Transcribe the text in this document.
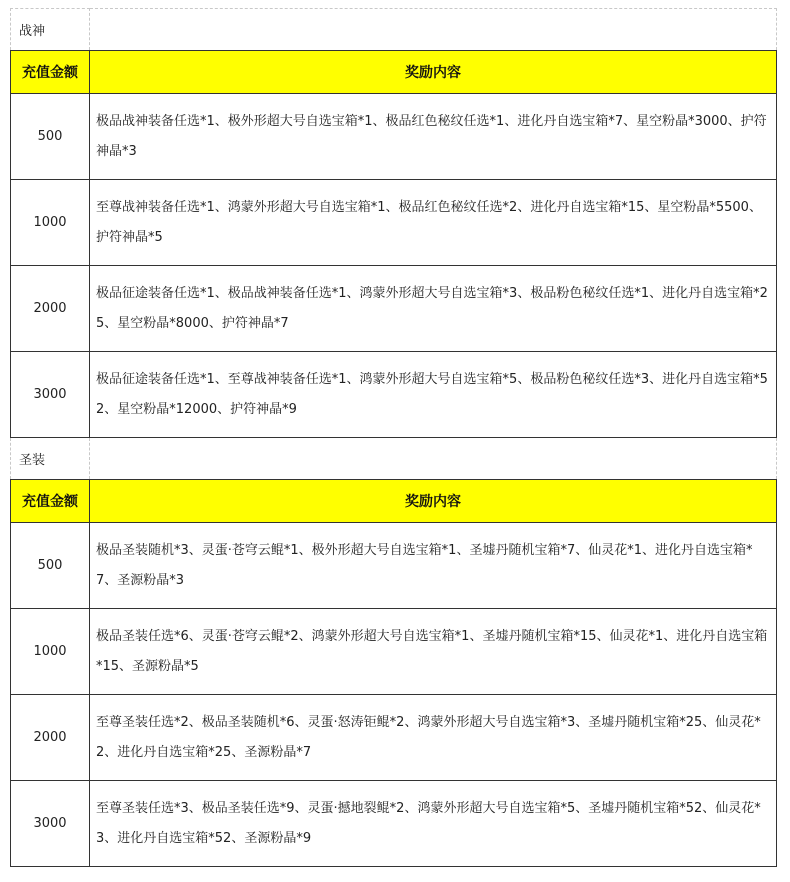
战神	
充值金额	奖励内容
500	极品战神装备任选*1、极外形超大号自选宝箱*1、极品红色秘纹任选*1、进化丹自选宝箱*7、星空粉晶*3000、护符神晶*3
1000	至尊战神装备任选*1、鸿蒙外形超大号自选宝箱*1、极品红色秘纹任选*2、进化丹自选宝箱*15、星空粉晶*5500、护符神晶*5
2000	极品征途装备任选*1、极品战神装备任选*1、鸿蒙外形超大号自选宝箱*3、极品粉色秘纹任选*1、进化丹自选宝箱*25、星空粉晶*8000、护符神晶*7
3000	极品征途装备任选*1、至尊战神装备任选*1、鸿蒙外形超大号自选宝箱*5、极品粉色秘纹任选*3、进化丹自选宝箱*52、星空粉晶*12000、护符神晶*9
圣装	
充值金额	奖励内容
500	极品圣装随机*3、灵蛋·苍穹云鲲*1、极外形超大号自选宝箱*1、圣墟丹随机宝箱*7、仙灵花*1、进化丹自选宝箱*7、圣源粉晶*3
1000	极品圣装任选*6、灵蛋·苍穹云鲲*2、鸿蒙外形超大号自选宝箱*1、圣墟丹随机宝箱*15、仙灵花*1、进化丹自选宝箱*15、圣源粉晶*5
2000	至尊圣装任选*2、极品圣装随机*6、灵蛋·怒涛钜鲲*2、鸿蒙外形超大号自选宝箱*3、圣墟丹随机宝箱*25、仙灵花*2、进化丹自选宝箱*25、圣源粉晶*7
3000	至尊圣装任选*3、极品圣装任选*9、灵蛋·撼地裂鲲*2、鸿蒙外形超大号自选宝箱*5、圣墟丹随机宝箱*52、仙灵花*3、进化丹自选宝箱*52、圣源粉晶*9
